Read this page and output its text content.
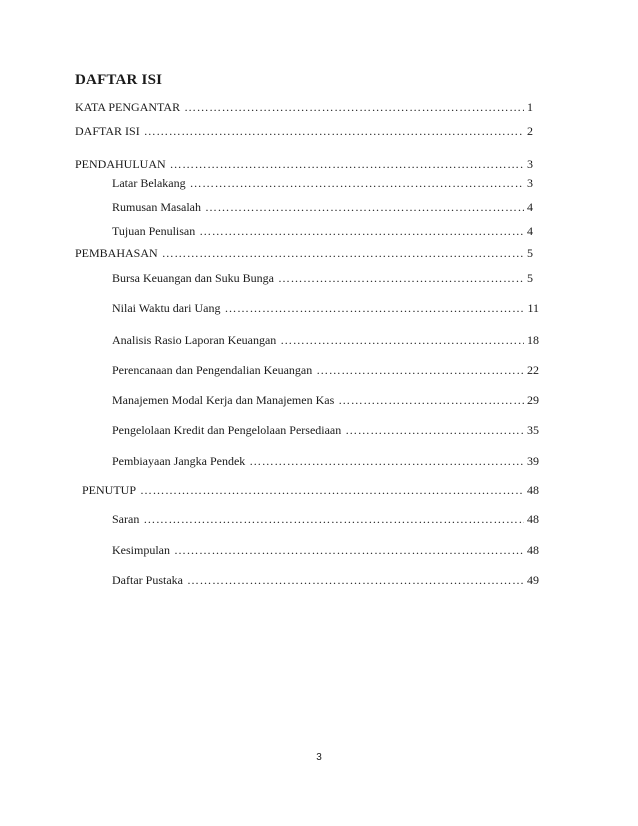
DAFTAR ISI
KATA PENGANTAR ……………………………………………………………………………………………………………………………………………………………………………………	1
DAFTAR ISI ……………………………………………………………………………………………………………………………………………………………………………………	2
PENDAHULUAN ……………………………………………………………………………………………………………………………………………………………………………………	3
Latar Belakang ……………………………………………………………………………………………………………………………………………………………………………………	3
Rumusan Masalah ……………………………………………………………………………………………………………………………………………………………………………………	4
Tujuan Penulisan ……………………………………………………………………………………………………………………………………………………………………………………	4
PEMBAHASAN ……………………………………………………………………………………………………………………………………………………………………………………	5
Bursa Keuangan dan Suku Bunga ……………………………………………………………………………………………………………………………………………………………………………………	5
Nilai Waktu dari Uang ……………………………………………………………………………………………………………………………………………………………………………………	11
Analisis Rasio Laporan Keuangan ……………………………………………………………………………………………………………………………………………………………………………………	18
Perencanaan dan Pengendalian Keuangan ……………………………………………………………………………………………………………………………………………………………………………………	22
Manajemen Modal Kerja dan Manajemen Kas ……………………………………………………………………………………………………………………………………………………………………………………	29
Pengelolaan Kredit dan Pengelolaan Persediaan ……………………………………………………………………………………………………………………………………………………………………………………	35
Pembiayaan Jangka Pendek ……………………………………………………………………………………………………………………………………………………………………………………	39
PENUTUP ……………………………………………………………………………………………………………………………………………………………………………………	48
Saran ……………………………………………………………………………………………………………………………………………………………………………………	48
Kesimpulan ……………………………………………………………………………………………………………………………………………………………………………………	48
Daftar Pustaka ……………………………………………………………………………………………………………………………………………………………………………………	49
3
